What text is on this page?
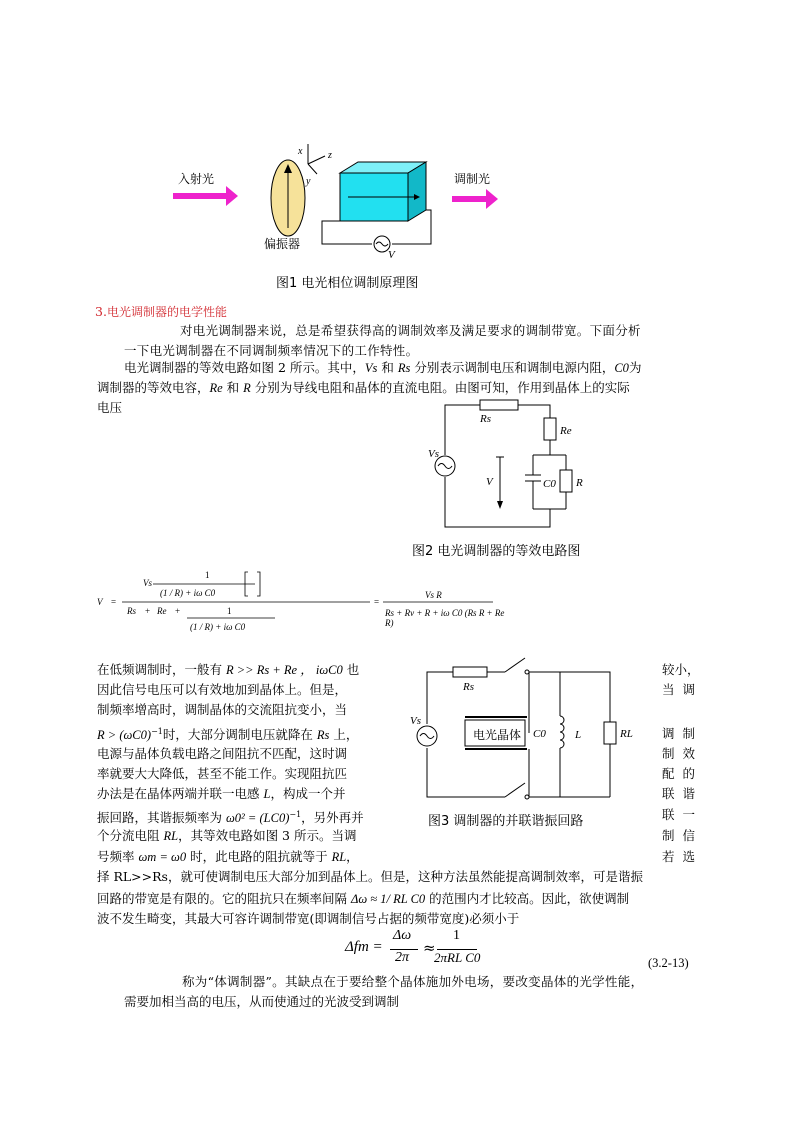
x	z
y
V
入射光	调制光
偏振器
图1 电光相位调制原理图
3.电光调制器的电学性能
对电光调制器来说，总是希望获得高的调制效率及满足要求的调制带宽。下面分析
一下电光调制器在不同调制频率情况下的工作特性。
电光调制器的等效电路如图 2 所示。其中，Vs 和 Rs 分别表示调制电压和调制电源内阻，C0为
调制器的等效电容，Re 和 R 分别为导线电阻和晶体的直流电阻。由图可知，作用到晶体上的实际
电压
Rs
Re
Vs
V	C0 R
图2 电光调制器的等效电路图
V =
Vs
1
(1 / R) + iω C0
Rs + Re +	1
(1 / R) + iω C0
=
Vs R
Rs + Rv + R + iω C0 (Rs R + Re R)
在低频调制时，一般有 R >> Rs + Re ， iωC0 也
因此信号电压可以有效地加到晶体上。但是，
制频率增高时，调制晶体的交流阻抗变小，当
$R > (\omega C0)^{-1}$时，大部分调制电压就降在 Rs 上，
电源与晶体负载电路之间阻抗不匹配，这时调
率就要大大降低，甚至不能工作。实现阻抗匹
办法是在晶体两端并联一电感 L，构成一个并
振回路，其谐振频率为 $\omega 0^2 = (LC0)^{-1}$，另外再并
个分流电阻 RL，其等效电路如图 3 所示。当调
较小，
当  调
调  制
制  效
配  的
联  谐
联  一
制  信
Rs
Vs
C0	L	RL
电光晶体
图3 调制器的并联谐振回路
号频率 ωm = ω0 时，此电路的阻抗就等于 RL，	若  选
择 RL>>Rs，就可使调制电压大部分加到晶体上。但是，这种方法虽然能提高调制效率，可是谐振
回路的带宽是有限的。它的阻抗只在频率间隔 Δω ≈ 1/ RL C0 的范围内才比较高。因此，欲使调制
波不发生畸变，其最大可容许调制带宽(即调制信号占据的频带宽度)必须小于
Δfm =
Δω
2π
≈
1
2πRL C0	(3.2-13)
称为“体调制器”。其缺点在于要给整个晶体施加外电场，要改变晶体的光学性能，
需要加相当高的电压，从而使通过的光波受到调制
